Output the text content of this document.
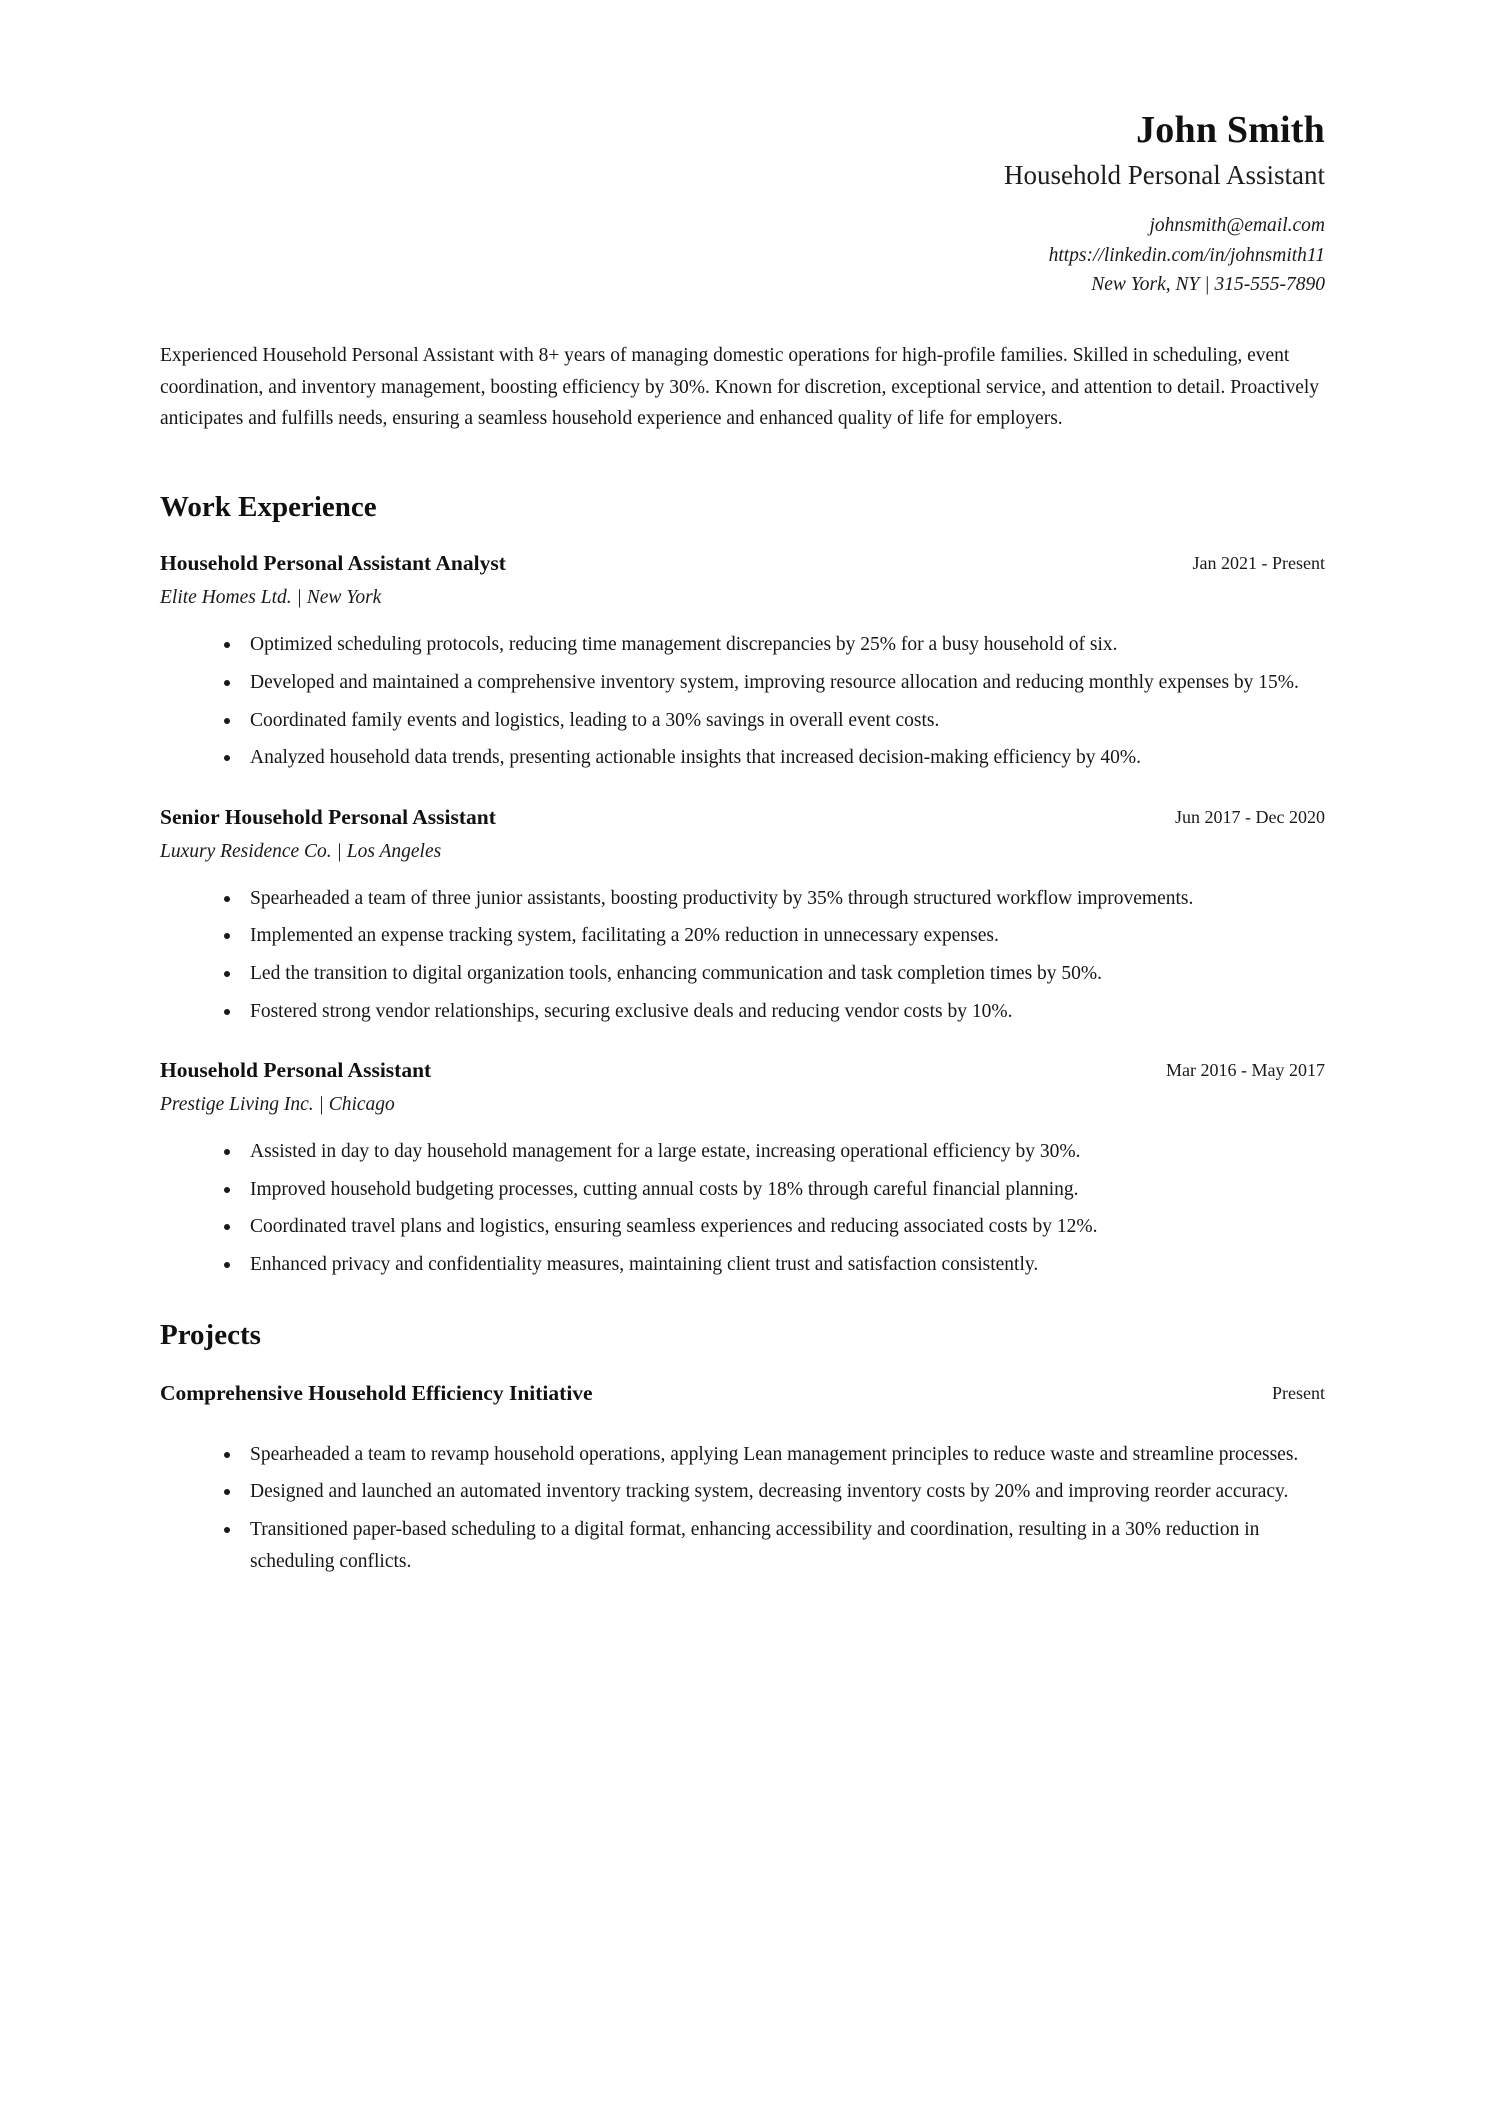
John Smith
Household Personal Assistant
johnsmith@email.com
https://linkedin.com/in/johnsmith11
New York, NY | 315-555-7890

Experienced Household Personal Assistant with 8+ years of managing domestic operations for high-profile families. Skilled in scheduling, event coordination, and inventory management, boosting efficiency by 30%. Known for discretion, exceptional service, and attention to detail. Proactively anticipates and fulfills needs, ensuring a seamless household experience and enhanced quality of life for employers.

Work Experience
Household Personal Assistant Analyst	Jan 2021 - Present
Elite Homes Ltd. | New York
Optimized scheduling protocols, reducing time management discrepancies by 25% for a busy household of six.
Developed and maintained a comprehensive inventory system, improving resource allocation and reducing monthly expenses by 15%.
Coordinated family events and logistics, leading to a 30% savings in overall event costs.
Analyzed household data trends, presenting actionable insights that increased decision-making efficiency by 40%.
Senior Household Personal Assistant	Jun 2017 - Dec 2020
Luxury Residence Co. | Los Angeles
Spearheaded a team of three junior assistants, boosting productivity by 35% through structured workflow improvements.
Implemented an expense tracking system, facilitating a 20% reduction in unnecessary expenses.
Led the transition to digital organization tools, enhancing communication and task completion times by 50%.
Fostered strong vendor relationships, securing exclusive deals and reducing vendor costs by 10%.
Household Personal Assistant	Mar 2016 - May 2017
Prestige Living Inc. | Chicago
Assisted in day to day household management for a large estate, increasing operational efficiency by 30%.
Improved household budgeting processes, cutting annual costs by 18% through careful financial planning.
Coordinated travel plans and logistics, ensuring seamless experiences and reducing associated costs by 12%.
Enhanced privacy and confidentiality measures, maintaining client trust and satisfaction consistently.
Projects
Comprehensive Household Efficiency Initiative	Present
Spearheaded a team to revamp household operations, applying Lean management principles to reduce waste and streamline processes.
Designed and launched an automated inventory tracking system, decreasing inventory costs by 20% and improving reorder accuracy.
Transitioned paper-based scheduling to a digital format, enhancing accessibility and coordination, resulting in a 30% reduction in scheduling conflicts.
